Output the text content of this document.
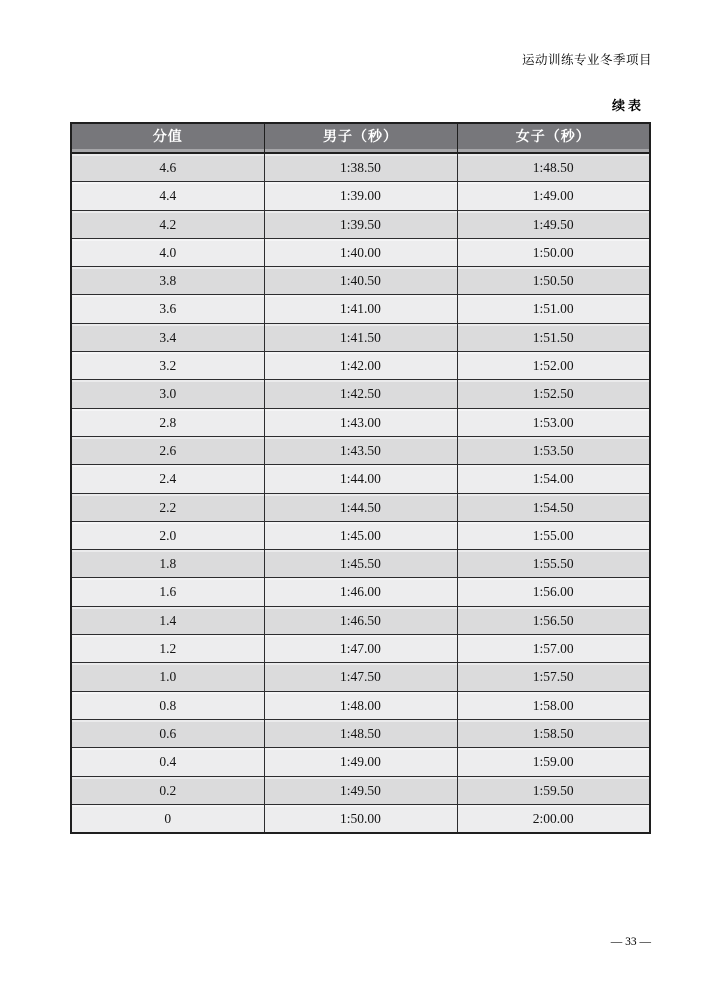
运动训练专业冬季项目
续表
分值	男子（秒）	女子（秒）
4.6	1:38.50	1:48.50
4.4	1:39.00	1:49.00
4.2	1:39.50	1:49.50
4.0	1:40.00	1:50.00
3.8	1:40.50	1:50.50
3.6	1:41.00	1:51.00
3.4	1:41.50	1:51.50
3.2	1:42.00	1:52.00
3.0	1:42.50	1:52.50
2.8	1:43.00	1:53.00
2.6	1:43.50	1:53.50
2.4	1:44.00	1:54.00
2.2	1:44.50	1:54.50
2.0	1:45.00	1:55.00
1.8	1:45.50	1:55.50
1.6	1:46.00	1:56.00
1.4	1:46.50	1:56.50
1.2	1:47.00	1:57.00
1.0	1:47.50	1:57.50
0.8	1:48.00	1:58.00
0.6	1:48.50	1:58.50
0.4	1:49.00	1:59.00
0.2	1:49.50	1:59.50
0	1:50.00	2:00.00
— 33 —
